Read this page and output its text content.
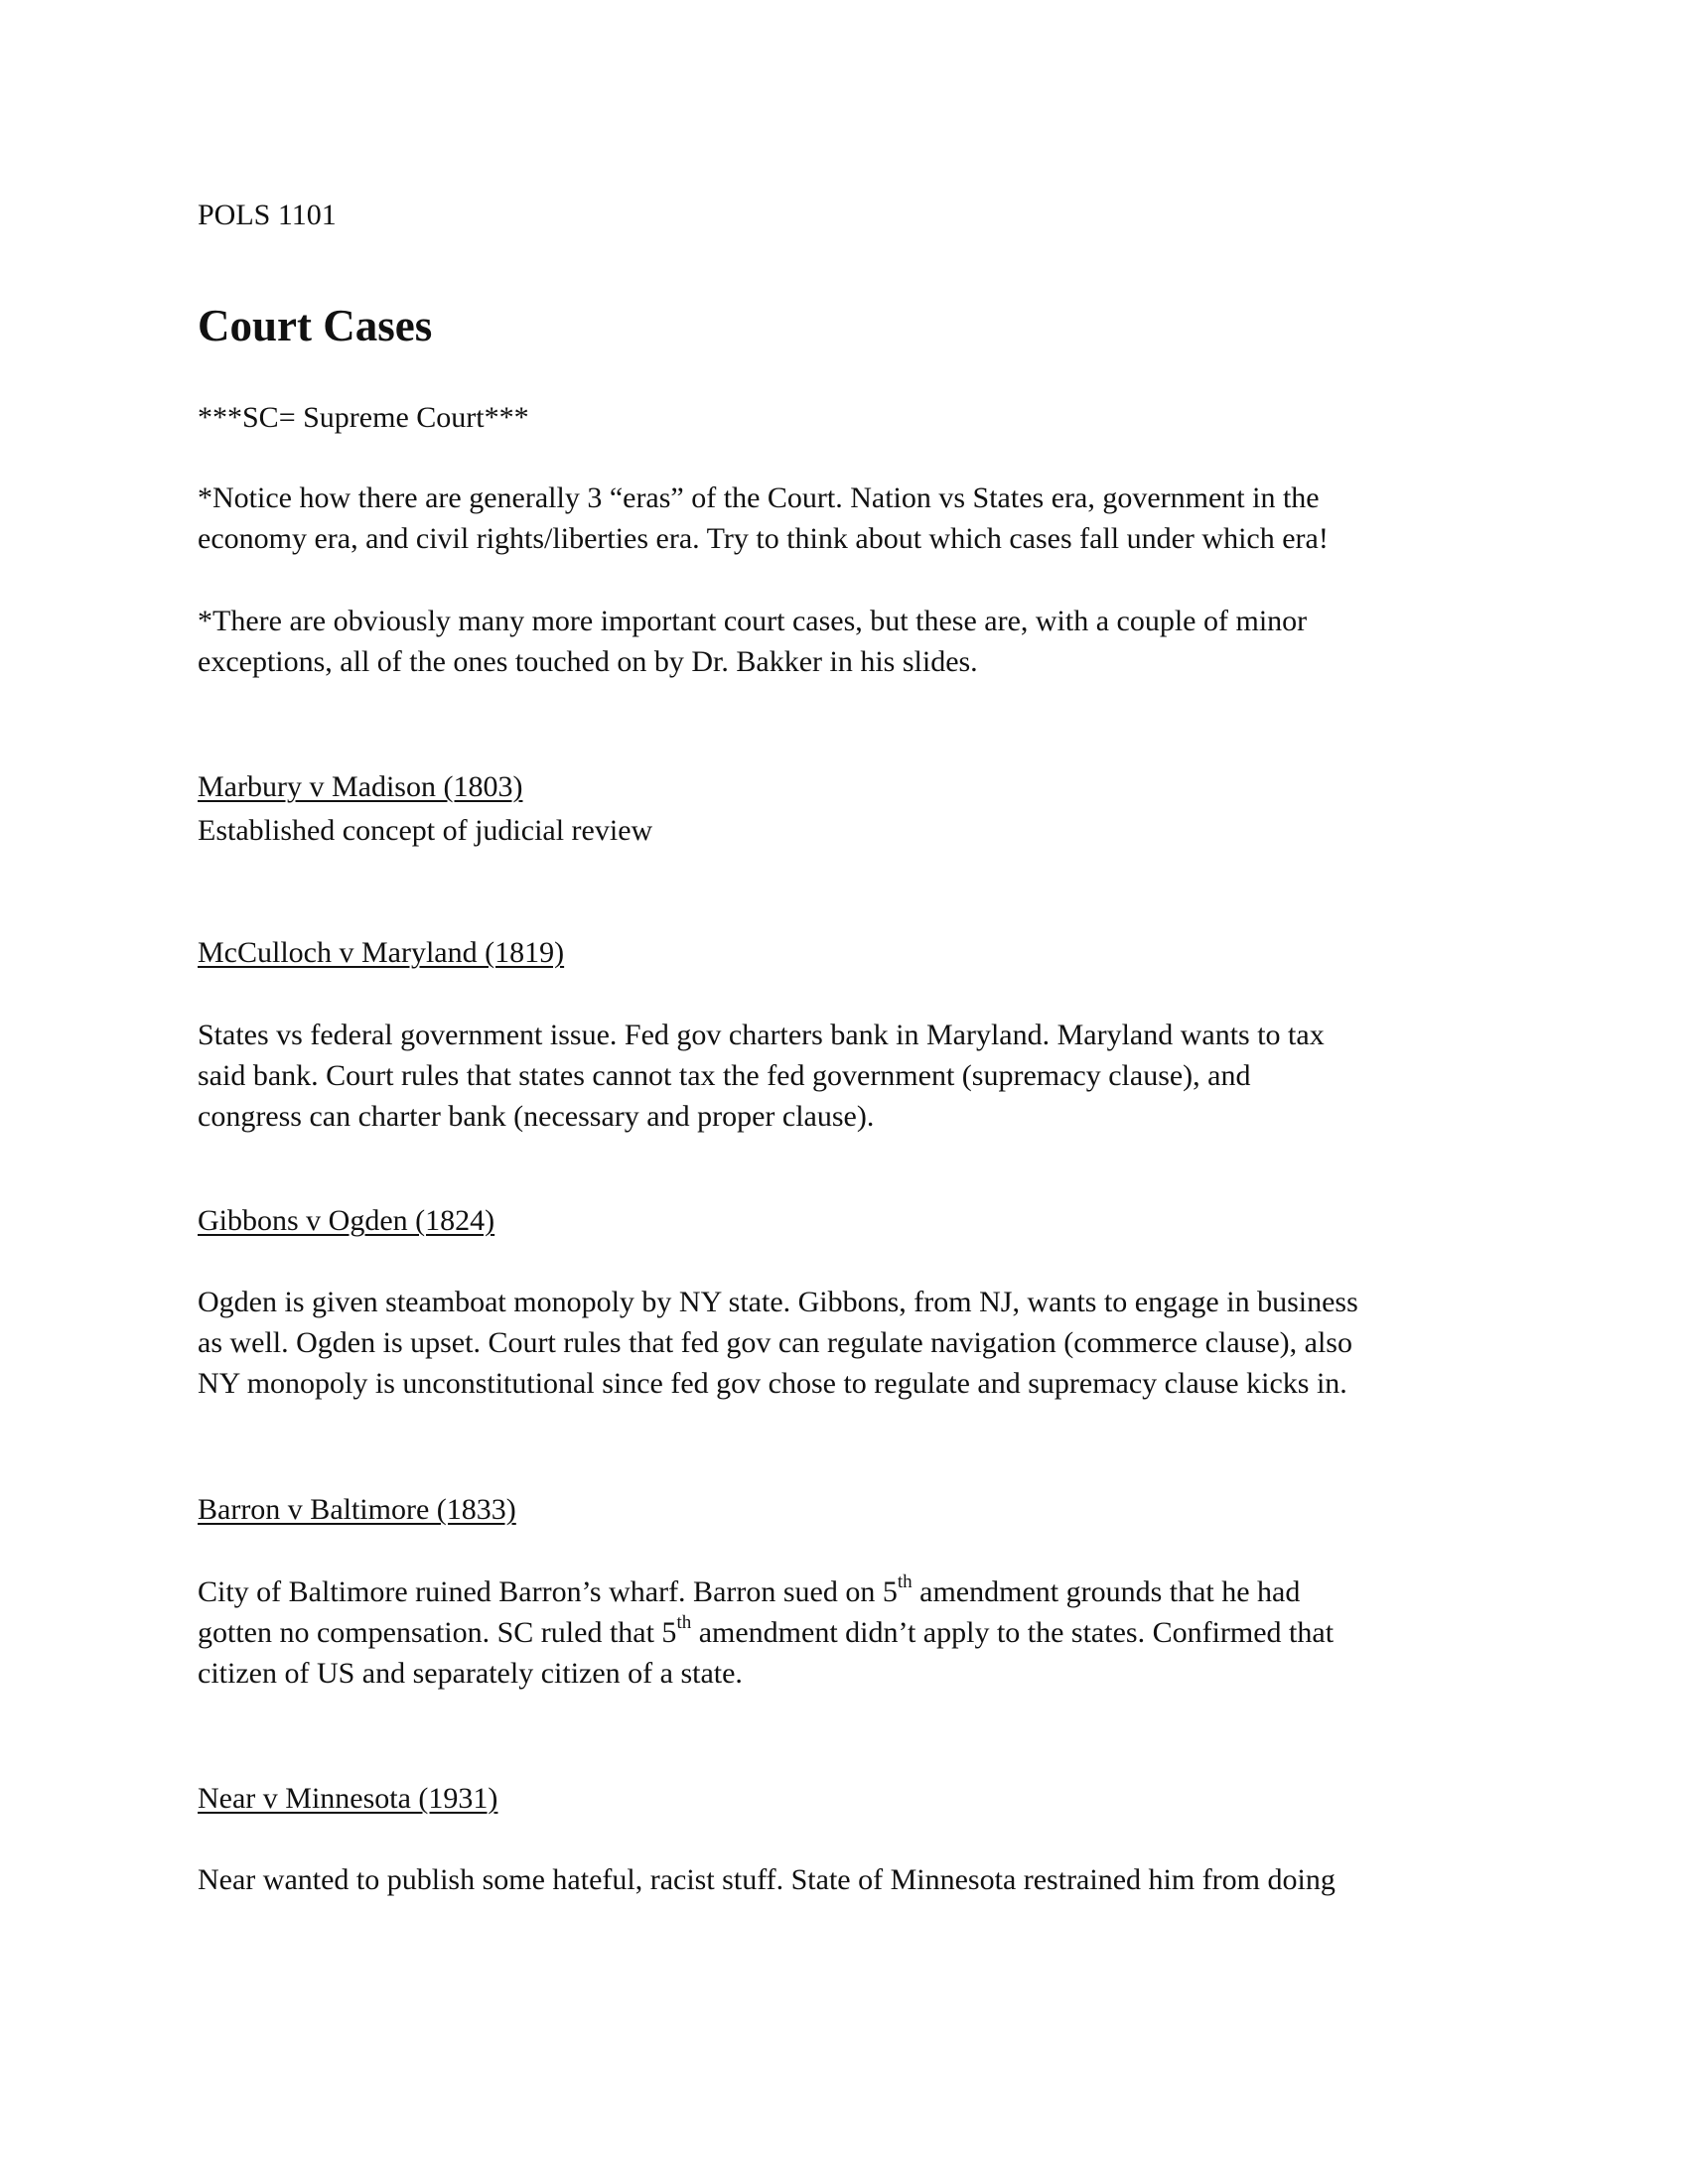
POLS 1101

Court Cases

***SC= Supreme Court***

*Notice how there are generally 3 “eras” of the Court. Nation vs States era, government in the

economy era, and civil rights/liberties era. Try to think about which cases fall under which era!

*There are obviously many more important court cases, but these are, with a couple of minor

exceptions, all of the ones touched on by Dr. Bakker in his slides.

Marbury v Madison (1803)

Established concept of judicial review

McCulloch v Maryland (1819)

States vs federal government issue. Fed gov charters bank in Maryland. Maryland wants to tax

said bank. Court rules that states cannot tax the fed government (supremacy clause), and

congress can charter bank (necessary and proper clause).

Gibbons v Ogden (1824)

Ogden is given steamboat monopoly by NY state. Gibbons, from NJ, wants to engage in business

as well. Ogden is upset. Court rules that fed gov can regulate navigation (commerce clause), also

NY monopoly is unconstitutional since fed gov chose to regulate and supremacy clause kicks in.

Barron v Baltimore (1833)

City of Baltimore ruined Barron’s wharf. Barron sued on 5th amendment grounds that he had

gotten no compensation. SC ruled that 5th amendment didn’t apply to the states. Confirmed that

citizen of US and separately citizen of a state.

Near v Minnesota (1931)

Near wanted to publish some hateful, racist stuff. State of Minnesota restrained him from doing
